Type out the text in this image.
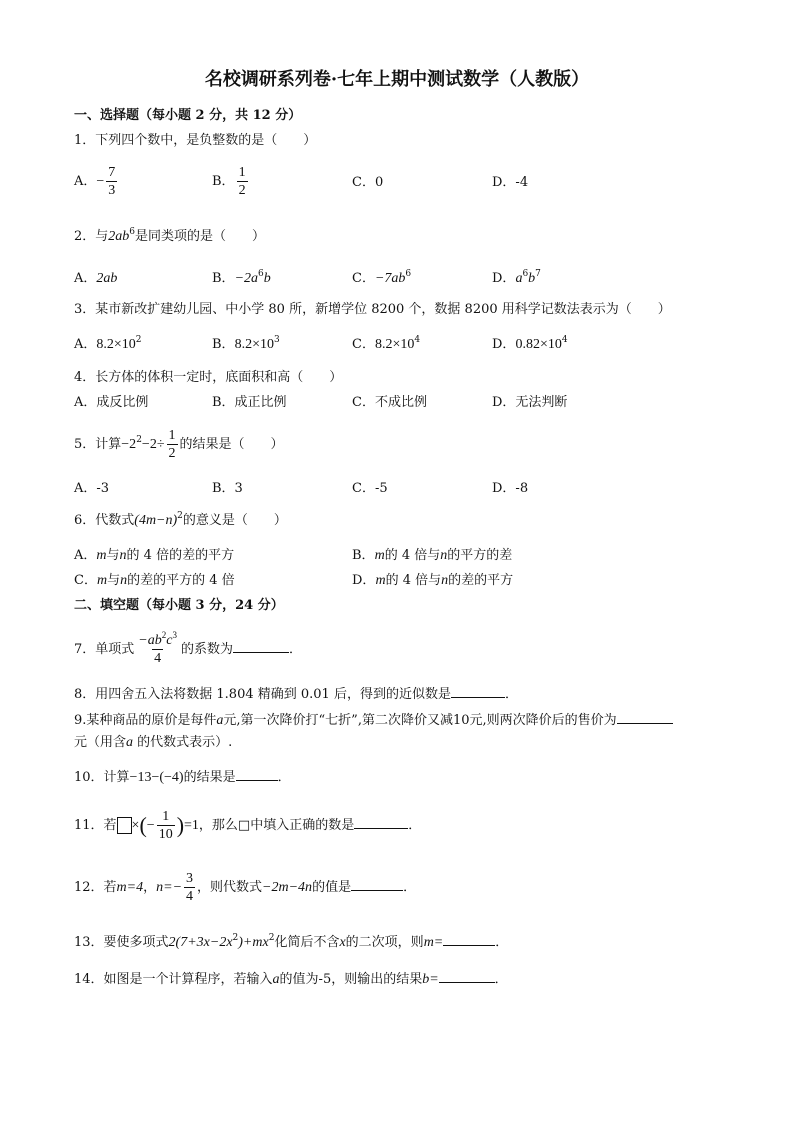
名校调研系列卷·七年上期中测试数学（人教版）
一、选择题（每小题 2 分，共 12 分）
1．下列四个数中，是负整数的是（　　）
A．− $\frac{7}{3}$	B． $\frac{1}{2}$	C．0	D．-4
2．与$2ab^6$是同类项的是（　　）
A．2ab	B．$-2a^6b$	C．$-7ab^6$	D．$a^6b^7$
3．某市新改扩建幼儿园、中小学 80 所，新增学位 8200 个，数据 8200 用科学记数法表示为（　　）
A．$8.2\times 10^2$	B．$8.2\times 10^3$	C．$8.2\times 10^4$	D．$0.82\times 10^4$
4．长方体的体积一定时，底面积和高（　　）
A．成反比例	B．成正比例	C．不成比例	D．无法判断
5．计算$-2^2-2\div \frac{1}{2}$ 的结果是（　　）
A．-3	B．3	C．-5	D．-8
6．代数式$(4m-n)^2$的意义是（　　）
A．m与n的 4 倍的差的平方	B．m的 4 倍与n的平方的差
C．m与n的差的平方的 4 倍	D．m的 4 倍与n的差的平方
二、填空题（每小题 3 分，24 分）
7．单项式 $\frac{-ab^2c^3}{4}$ 的系数为	．
8．用四舍五入法将数据 1.804 精确到 0.01 后，得到的近似数是	．
9.某种商品的原价是每件a元,第一次降价打“七折”,第二次降价又减10元,则两次降价后的售价为
元（用含a 的代数式表示）.
10．计算−13−(−4)的结果是	．
11．若 ×(− $\frac{1}{10} )=1$，那么□中填入正确的数是	．
12．若m=4，$n=- \frac{3}{4}$ ，则代数式−2m−4n的值是	．
13．要使多项式$2(7+3x-2x^2)+mx^2$化简后不含x的二次项，则m=	．
14．如图是一个计算程序，若输入a的值为-5，则输出的结果b=	．
